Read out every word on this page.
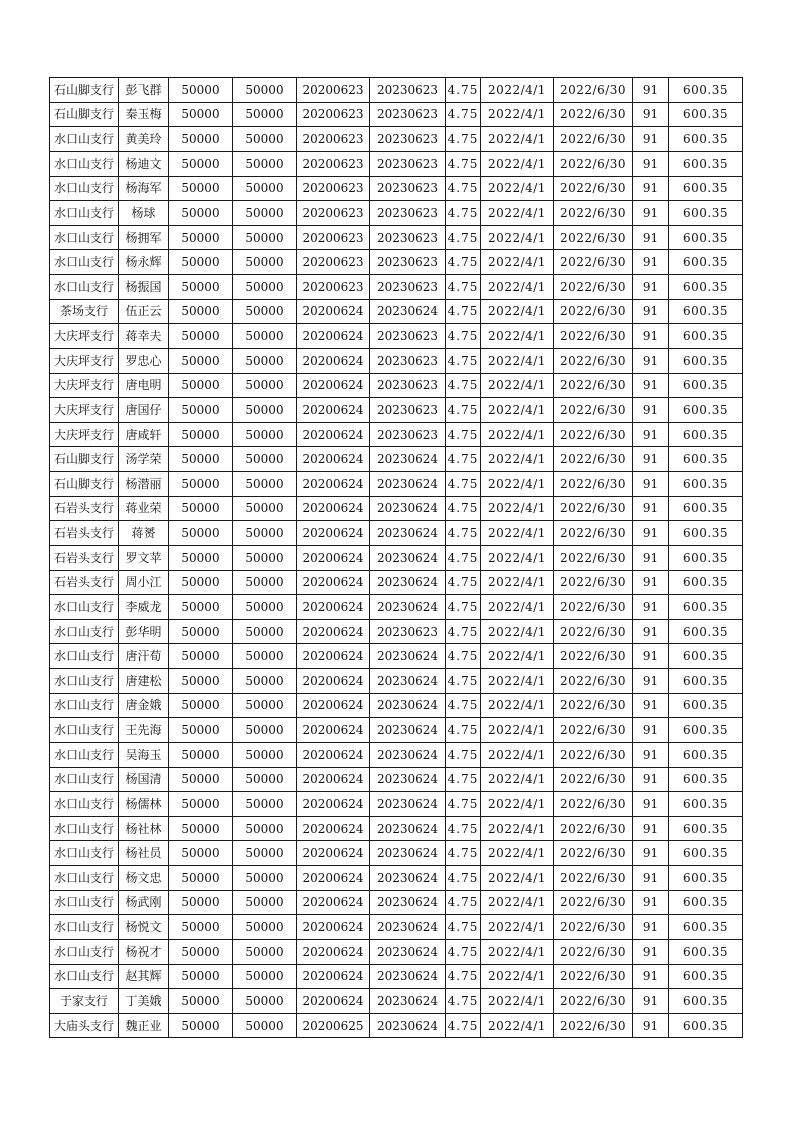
石山脚支行	彭飞群	50000	50000	20200623	20230623	4.75	2022/4/1	2022/6/30	91	600.35
石山脚支行	秦玉梅	50000	50000	20200623	20230623	4.75	2022/4/1	2022/6/30	91	600.35
水口山支行	黄美玲	50000	50000	20200623	20230623	4.75	2022/4/1	2022/6/30	91	600.35
水口山支行	杨迪文	50000	50000	20200623	20230623	4.75	2022/4/1	2022/6/30	91	600.35
水口山支行	杨海军	50000	50000	20200623	20230623	4.75	2022/4/1	2022/6/30	91	600.35
水口山支行	杨球	50000	50000	20200623	20230623	4.75	2022/4/1	2022/6/30	91	600.35
水口山支行	杨拥军	50000	50000	20200623	20230623	4.75	2022/4/1	2022/6/30	91	600.35
水口山支行	杨永辉	50000	50000	20200623	20230623	4.75	2022/4/1	2022/6/30	91	600.35
水口山支行	杨振国	50000	50000	20200623	20230623	4.75	2022/4/1	2022/6/30	91	600.35
茶场支行	伍正云	50000	50000	20200624	20230624	4.75	2022/4/1	2022/6/30	91	600.35
大庆坪支行	蒋幸夫	50000	50000	20200624	20230623	4.75	2022/4/1	2022/6/30	91	600.35
大庆坪支行	罗忠心	50000	50000	20200624	20230623	4.75	2022/4/1	2022/6/30	91	600.35
大庆坪支行	唐电明	50000	50000	20200624	20230623	4.75	2022/4/1	2022/6/30	91	600.35
大庆坪支行	唐国仔	50000	50000	20200624	20230623	4.75	2022/4/1	2022/6/30	91	600.35
大庆坪支行	唐咸轩	50000	50000	20200624	20230623	4.75	2022/4/1	2022/6/30	91	600.35
石山脚支行	汤学荣	50000	50000	20200624	20230624	4.75	2022/4/1	2022/6/30	91	600.35
石山脚支行	杨潜丽	50000	50000	20200624	20230624	4.75	2022/4/1	2022/6/30	91	600.35
石岩头支行	蒋业荣	50000	50000	20200624	20230624	4.75	2022/4/1	2022/6/30	91	600.35
石岩头支行	蒋赟	50000	50000	20200624	20230624	4.75	2022/4/1	2022/6/30	91	600.35
石岩头支行	罗文苹	50000	50000	20200624	20230624	4.75	2022/4/1	2022/6/30	91	600.35
石岩头支行	周小江	50000	50000	20200624	20230624	4.75	2022/4/1	2022/6/30	91	600.35
水口山支行	李威龙	50000	50000	20200624	20230624	4.75	2022/4/1	2022/6/30	91	600.35
水口山支行	彭华明	50000	50000	20200624	20230623	4.75	2022/4/1	2022/6/30	91	600.35
水口山支行	唐汗荀	50000	50000	20200624	20230624	4.75	2022/4/1	2022/6/30	91	600.35
水口山支行	唐建松	50000	50000	20200624	20230624	4.75	2022/4/1	2022/6/30	91	600.35
水口山支行	唐金娥	50000	50000	20200624	20230624	4.75	2022/4/1	2022/6/30	91	600.35
水口山支行	王先海	50000	50000	20200624	20230624	4.75	2022/4/1	2022/6/30	91	600.35
水口山支行	吴海玉	50000	50000	20200624	20230624	4.75	2022/4/1	2022/6/30	91	600.35
水口山支行	杨国清	50000	50000	20200624	20230624	4.75	2022/4/1	2022/6/30	91	600.35
水口山支行	杨儒林	50000	50000	20200624	20230624	4.75	2022/4/1	2022/6/30	91	600.35
水口山支行	杨社林	50000	50000	20200624	20230624	4.75	2022/4/1	2022/6/30	91	600.35
水口山支行	杨社员	50000	50000	20200624	20230624	4.75	2022/4/1	2022/6/30	91	600.35
水口山支行	杨文忠	50000	50000	20200624	20230624	4.75	2022/4/1	2022/6/30	91	600.35
水口山支行	杨武刚	50000	50000	20200624	20230624	4.75	2022/4/1	2022/6/30	91	600.35
水口山支行	杨悦文	50000	50000	20200624	20230624	4.75	2022/4/1	2022/6/30	91	600.35
水口山支行	杨祝才	50000	50000	20200624	20230624	4.75	2022/4/1	2022/6/30	91	600.35
水口山支行	赵其辉	50000	50000	20200624	20230624	4.75	2022/4/1	2022/6/30	91	600.35
于家支行	丁美娥	50000	50000	20200624	20230624	4.75	2022/4/1	2022/6/30	91	600.35
大庙头支行	魏正业	50000	50000	20200625	20230624	4.75	2022/4/1	2022/6/30	91	600.35
